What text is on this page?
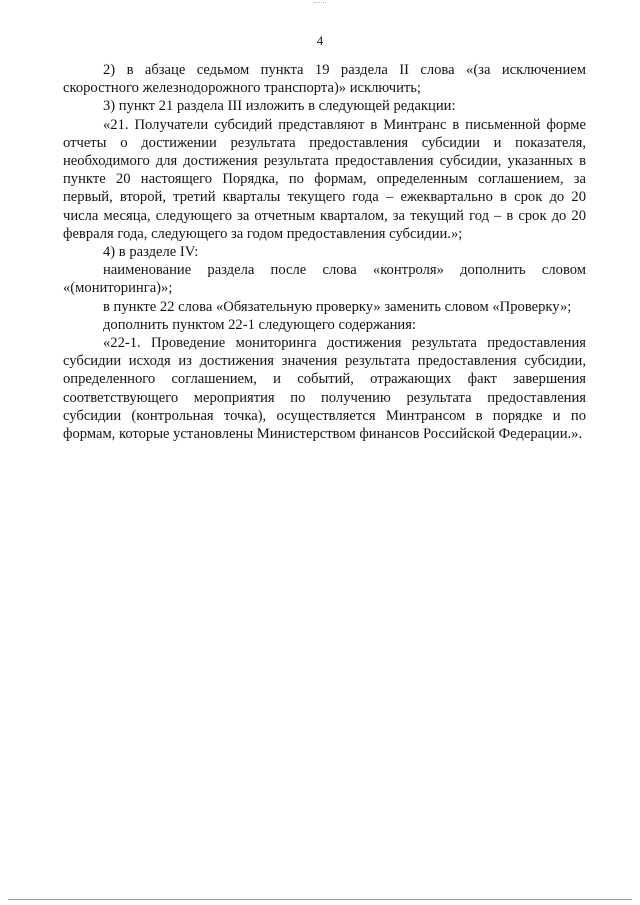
4

2) в абзаце седьмом пункта 19 раздела II слова «(за исключением скоростного железнодорожного транспорта)» исключить;

3) пункт 21 раздела III изложить в следующей редакции:

«21. Получатели субсидий представляют в Минтранс в письменной форме отчеты о достижении результата предоставления субсидии и показателя, необходимого для достижения результата предоставления субсидии, указанных в пункте 20 настоящего Порядка, по формам, определенным соглашением, за первый, второй, третий кварталы текущего года – ежеквартально в срок до 20 числа месяца, следующего за отчетным кварталом, за текущий год – в срок до 20 февраля года, следующего за годом предоставления субсидии.»;

4) в разделе IV:

наименование раздела после слова «контроля» дополнить словом «(мониторинга)»;

в пункте 22 слова «Обязательную проверку» заменить словом «Проверку»;

дополнить пунктом 22-1 следующего содержания:

«22-1. Проведение мониторинга достижения результата предоставления субсидии исходя из достижения значения результата предоставления субсидии, определенного соглашением, и событий, отражающих факт завершения соответствующего мероприятия по получению результата предоставления субсидии (контрольная точка), осуществляется Минтрансом в порядке и по формам, которые установлены Министерством финансов Российской Федерации.».
